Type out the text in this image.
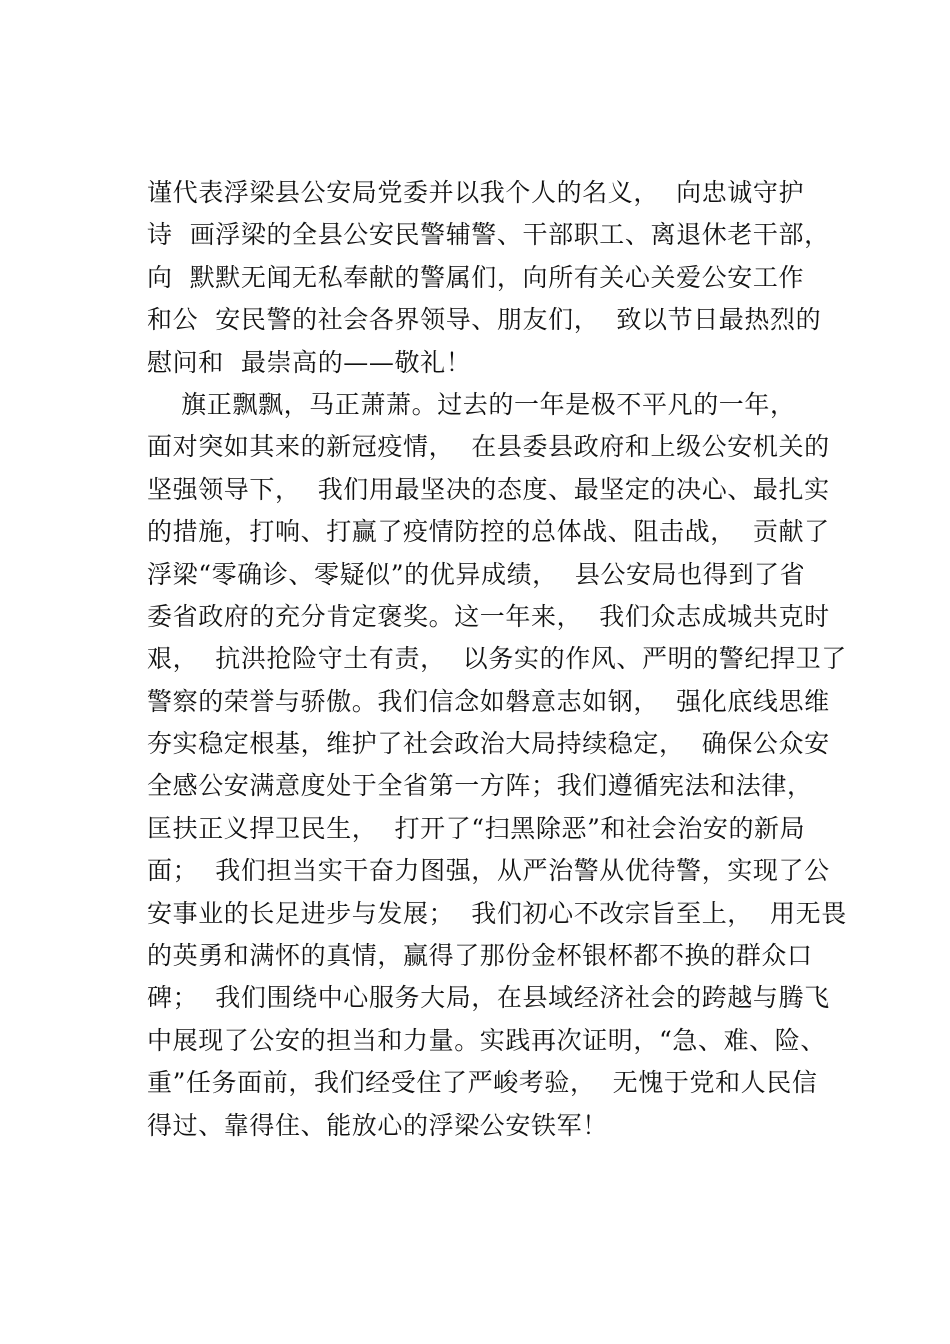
谨代表浮梁县公安局党委并以我个人的名义，  向忠诚守护
诗  画浮梁的全县公安民警辅警、干部职工、离退休老干部，
向  默默无闻无私奉献的警属们，向所有关心关爱公安工作
和公  安民警的社会各界领导、朋友们，  致以节日最热烈的
慰问和  最崇高的——敬礼！
旗正飘飘，马正萧萧。过去的一年是极不平凡的一年，
面对突如其来的新冠疫情，  在县委县政府和上级公安机关的
坚强领导下，  我们用最坚决的态度、最坚定的决心、最扎实
的措施，打响、打赢了疫情防控的总体战、阻击战，  贡献了
浮梁“零确诊、零疑似”的优异成绩，  县公安局也得到了省
委省政府的充分肯定褒奖。这一年来，  我们众志成城共克时
艰，  抗洪抢险守土有责，  以务实的作风、严明的警纪捍卫了
警察的荣誉与骄傲。我们信念如磐意志如钢，  强化底线思维
夯实稳定根基，维护了社会政治大局持续稳定，  确保公众安
全感公安满意度处于全省第一方阵；我们遵循宪法和法律，
匡扶正义捍卫民生，  打开了“扫黑除恶”和社会治安的新局
面；  我们担当实干奋力图强，从严治警从优待警，实现了公
安事业的长足进步与发展；  我们初心不改宗旨至上，  用无畏
的英勇和满怀的真情，赢得了那份金杯银杯都不换的群众口
碑；  我们围绕中心服务大局，在县域经济社会的跨越与腾飞
中展现了公安的担当和力量。实践再次证明，“急、难、险、
重”任务面前，我们经受住了严峻考验，  无愧于党和人民信
得过、靠得住、能放心的浮梁公安铁军！
